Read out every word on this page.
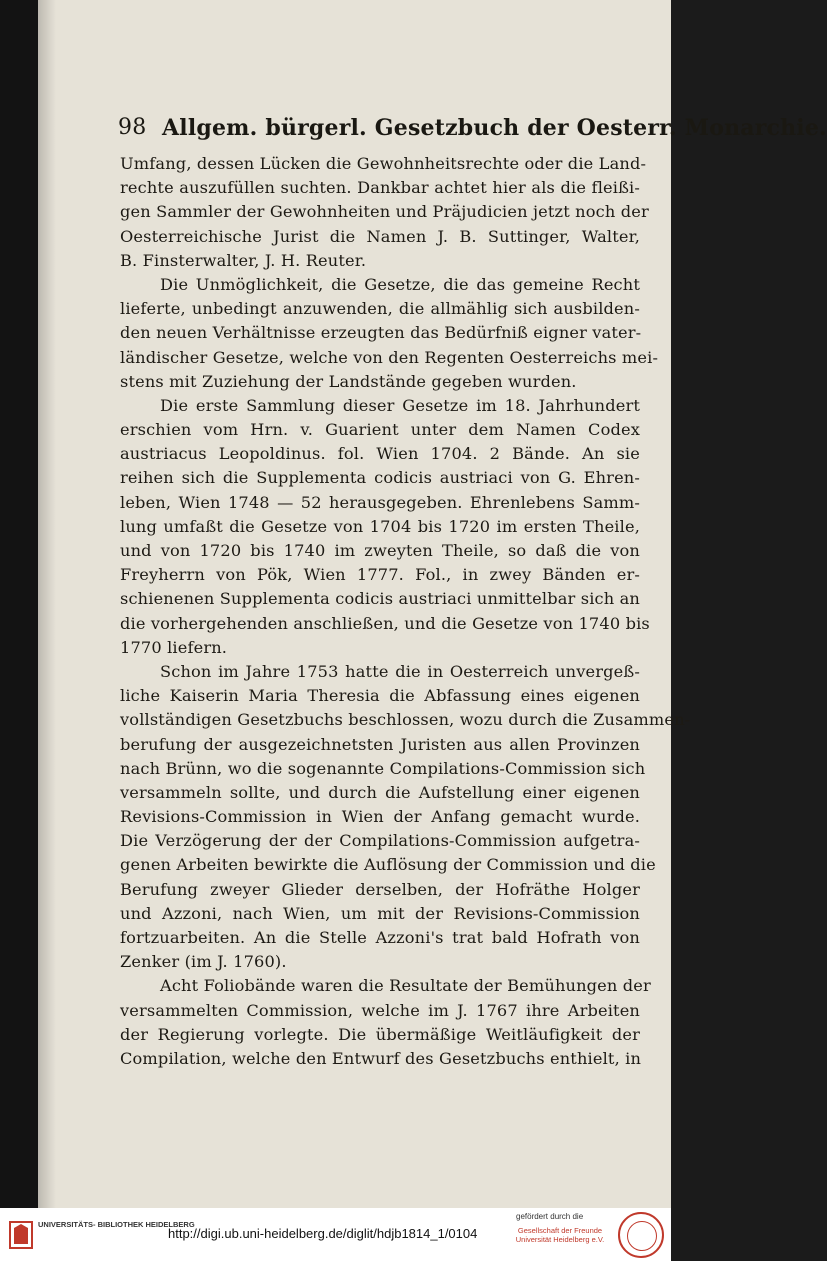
98 Allgem. bürgerl. Gesetzbuch der Oesterr. Monarchie.
Umfang, dessen Lücken die Gewohnheitsrechte oder die Land-
rechte auszufüllen suchten. Dankbar achtet hier als die fleißi-
gen Sammler der Gewohnheiten und Präjudicien jetzt noch der
Oesterreichische Jurist die Namen J. B. Suttinger, Walter,
B. Finsterwalter, J. H. Reuter.
Die Unmöglichkeit, die Gesetze, die das gemeine Recht
lieferte, unbedingt anzuwenden, die allmählig sich ausbilden-
den neuen Verhältnisse erzeugten das Bedürfniß eigner vater-
ländischer Gesetze, welche von den Regenten Oesterreichs mei-
stens mit Zuziehung der Landstände gegeben wurden.
Die erste Sammlung dieser Gesetze im 18. Jahrhundert
erschien vom Hrn. v. Guarient unter dem Namen Codex
austriacus Leopoldinus. fol. Wien 1704. 2 Bände. An sie
reihen sich die Supplementa codicis austriaci von G. Ehren-
leben, Wien 1748 — 52 herausgegeben. Ehrenlebens Samm-
lung umfaßt die Gesetze von 1704 bis 1720 im ersten Theile,
und von 1720 bis 1740 im zweyten Theile, so daß die von
Freyherrn von Pök, Wien 1777. Fol., in zwey Bänden er-
schienenen Supplementa codicis austriaci unmittelbar sich an
die vorhergehenden anschließen, und die Gesetze von 1740 bis
1770 liefern.
Schon im Jahre 1753 hatte die in Oesterreich unvergeß-
liche Kaiserin Maria Theresia die Abfassung eines eigenen
vollständigen Gesetzbuchs beschlossen, wozu durch die Zusammen-
berufung der ausgezeichnetsten Juristen aus allen Provinzen
nach Brünn, wo die sogenannte Compilations-Commission sich
versammeln sollte, und durch die Aufstellung einer eigenen
Revisions-Commission in Wien der Anfang gemacht wurde.
Die Verzögerung der der Compilations-Commission aufgetra-
genen Arbeiten bewirkte die Auflösung der Commission und die
Berufung zweyer Glieder derselben, der Hofräthe Holger
und Azzoni, nach Wien, um mit der Revisions-Commission
fortzuarbeiten. An die Stelle Azzoni's trat bald Hofrath von
Zenker (im J. 1760).
Acht Foliobände waren die Resultate der Bemühungen der
versammelten Commission, welche im J. 1767 ihre Arbeiten
der Regierung vorlegte. Die übermäßige Weitläufigkeit der
Compilation, welche den Entwurf des Gesetzbuchs enthielt, in
UNIVERSITÄTS- BIBLIOTHEK HEIDELBERG
http://digi.ub.uni-heidelberg.de/diglit/hdjb1814_1/0104
gefördert durch die
Gesellschaft der Freunde Universität Heidelberg e.V.
